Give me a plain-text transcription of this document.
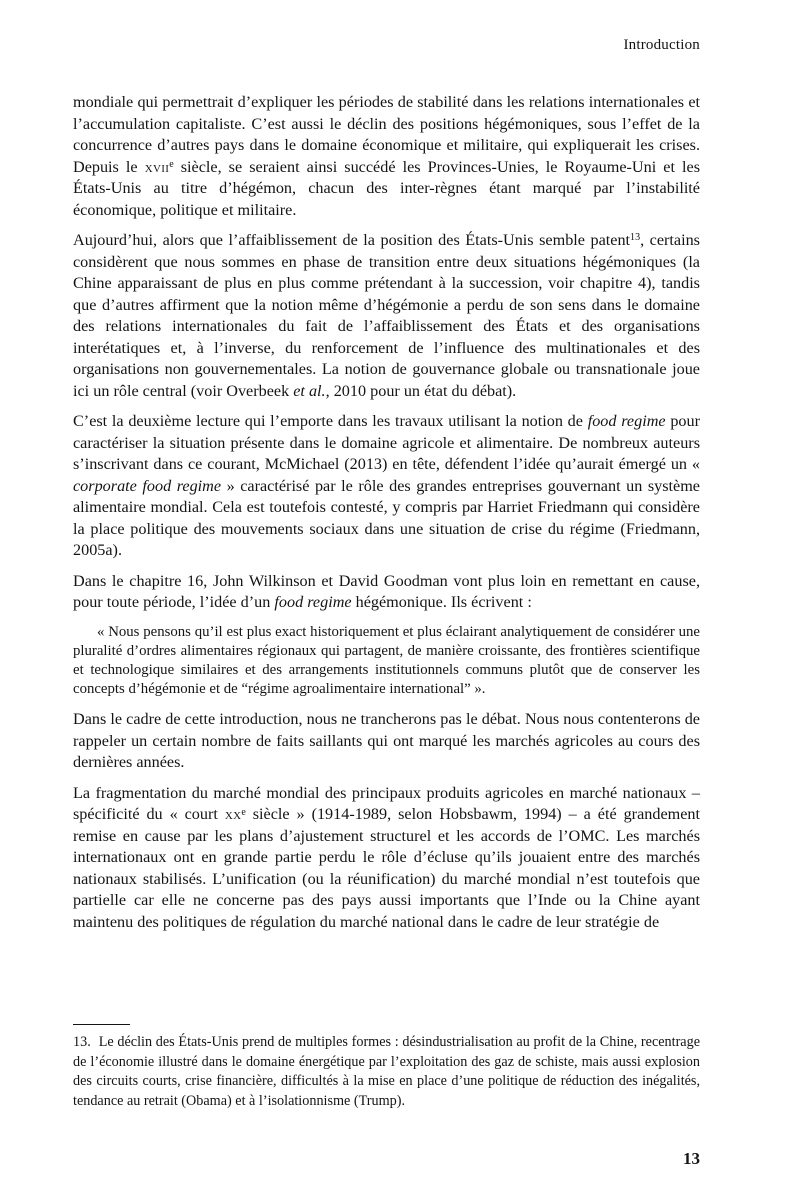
Introduction

mondiale qui permettrait d’expliquer les périodes de stabilité dans les relations internationales et l’accumulation capitaliste. C’est aussi le déclin des positions hégémoniques, sous l’effet de la concurrence d’autres pays dans le domaine économique et militaire, qui expliquerait les crises. Depuis le xvii$^e$ siècle, se seraient ainsi succédé les Provinces-Unies, le Royaume-Uni et les États-Unis au titre d’hégémon, chacun des inter-règnes étant marqué par l’instabilité économique, politique et militaire.

Aujourd’hui, alors que l’affaiblissement de la position des États-Unis semble patent$^{13}$, certains considèrent que nous sommes en phase de transition entre deux situations hégémoniques (la Chine apparaissant de plus en plus comme prétendant à la succession, voir chapitre 4), tandis que d’autres affirment que la notion même d’hégémonie a perdu de son sens dans le domaine des relations internationales du fait de l’affaiblissement des États et des organisations interétatiques et, à l’inverse, du renforcement de l’influence des multinationales et des organisations non gouvernementales. La notion de gouvernance globale ou transnationale joue ici un rôle central (voir Overbeek et al., 2010 pour un état du débat).

C’est la deuxième lecture qui l’emporte dans les travaux utilisant la notion de food regime pour caractériser la situation présente dans le domaine agricole et alimentaire. De nombreux auteurs s’inscrivant dans ce courant, McMichael (2013) en tête, défendent l’idée qu’aurait émergé un « corporate food regime » caractérisé par le rôle des grandes entreprises gouvernant un système alimentaire mondial. Cela est toutefois contesté, y compris par Harriet Friedmann qui considère la place politique des mouvements sociaux dans une situation de crise du régime (Friedmann, 2005a).

Dans le chapitre 16, John Wilkinson et David Goodman vont plus loin en remettant en cause, pour toute période, l’idée d’un food regime hégémonique. Ils écrivent :

« Nous pensons qu’il est plus exact historiquement et plus éclairant analytiquement de considérer une pluralité d’ordres alimentaires régionaux qui partagent, de manière croissante, des frontières scientifique et technologique similaires et des arrangements institutionnels communs plutôt que de conserver les concepts d’hégémonie et de “régime agroalimentaire international” ».

Dans le cadre de cette introduction, nous ne trancherons pas le débat. Nous nous contenterons de rappeler un certain nombre de faits saillants qui ont marqué les marchés agricoles au cours des dernières années.

La fragmentation du marché mondial des principaux produits agricoles en marché nationaux – spécificité du « court $xx^e$ siècle » (1914-1989, selon Hobsbawm, 1994) – a été grandement remise en cause par les plans d’ajustement structurel et les accords de l’OMC. Les marchés internationaux ont en grande partie perdu le rôle d’écluse qu’ils jouaient entre des marchés nationaux stabilisés. L’unification (ou la réunification) du marché mondial n’est toutefois que partielle car elle ne concerne pas des pays aussi importants que l’Inde ou la Chine ayant maintenu des politiques de régulation du marché national dans le cadre de leur stratégie de

13. Le déclin des États-Unis prend de multiples formes : désindustrialisation au profit de la Chine, recentrage de l’économie illustré dans le domaine énergétique par l’exploitation des gaz de schiste, mais aussi explosion des circuits courts, crise financière, difficultés à la mise en place d’une politique de réduction des inégalités, tendance au retrait (Obama) et à l’isolationnisme (Trump).

13
